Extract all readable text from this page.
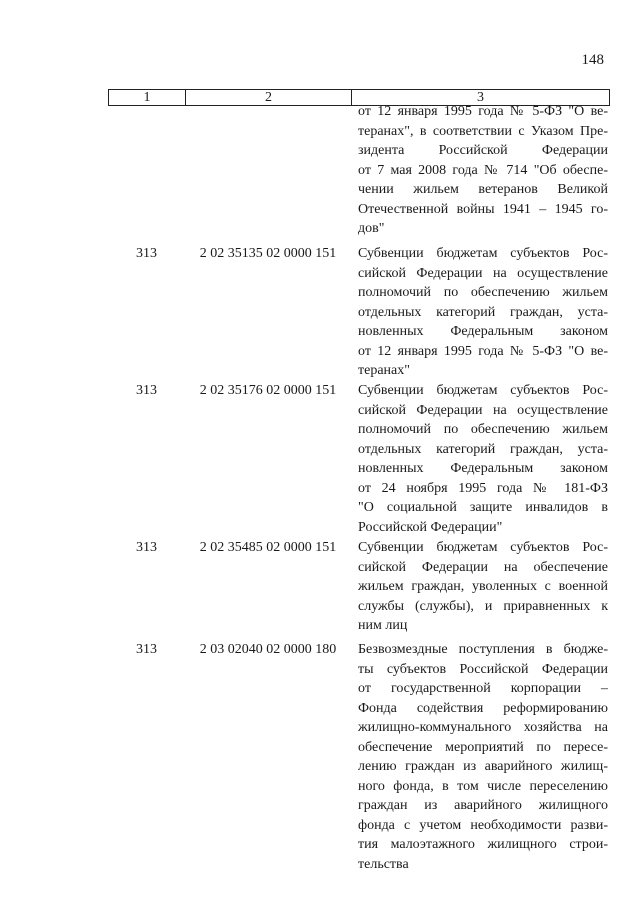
148
1	2	3
от 12 января 1995 года № 5-ФЗ "О ве-
теранах", в соответствии с Указом Пре-
зидента Российской Федерации
от 7 мая 2008 года № 714 "Об обеспе-
чении жильем ветеранов Великой
Отечественной войны 1941 – 1945 го-
дов"
313	2 02 35135 02 0000 151	Субвенции бюджетам субъектов Рос-
сийской Федерации на осуществление
полномочий по обеспечению жильем
отдельных категорий граждан, уста-
новленных Федеральным законом
от 12 января 1995 года № 5-ФЗ "О ве-
теранах"
313	2 02 35176 02 0000 151	Субвенции бюджетам субъектов Рос-
сийской Федерации на осуществление
полномочий по обеспечению жильем
отдельных категорий граждан, уста-
новленных Федеральным законом
от 24 ноября 1995 года № 181-ФЗ
"О социальной защите инвалидов в
Российской Федерации"
313	2 02 35485 02 0000 151	Субвенции бюджетам субъектов Рос-
сийской Федерации на обеспечение
жильем граждан, уволенных с военной
службы (службы), и приравненных к
ним лиц
313	2 03 02040 02 0000 180	Безвозмездные поступления в бюдже-
ты субъектов Российской Федерации
от государственной корпорации –
Фонда содействия реформированию
жилищно-коммунального хозяйства на
обеспечение мероприятий по пересе-
лению граждан из аварийного жилищ-
ного фонда, в том числе переселению
граждан из аварийного жилищного
фонда с учетом необходимости разви-
тия малоэтажного жилищного строи-
тельства
